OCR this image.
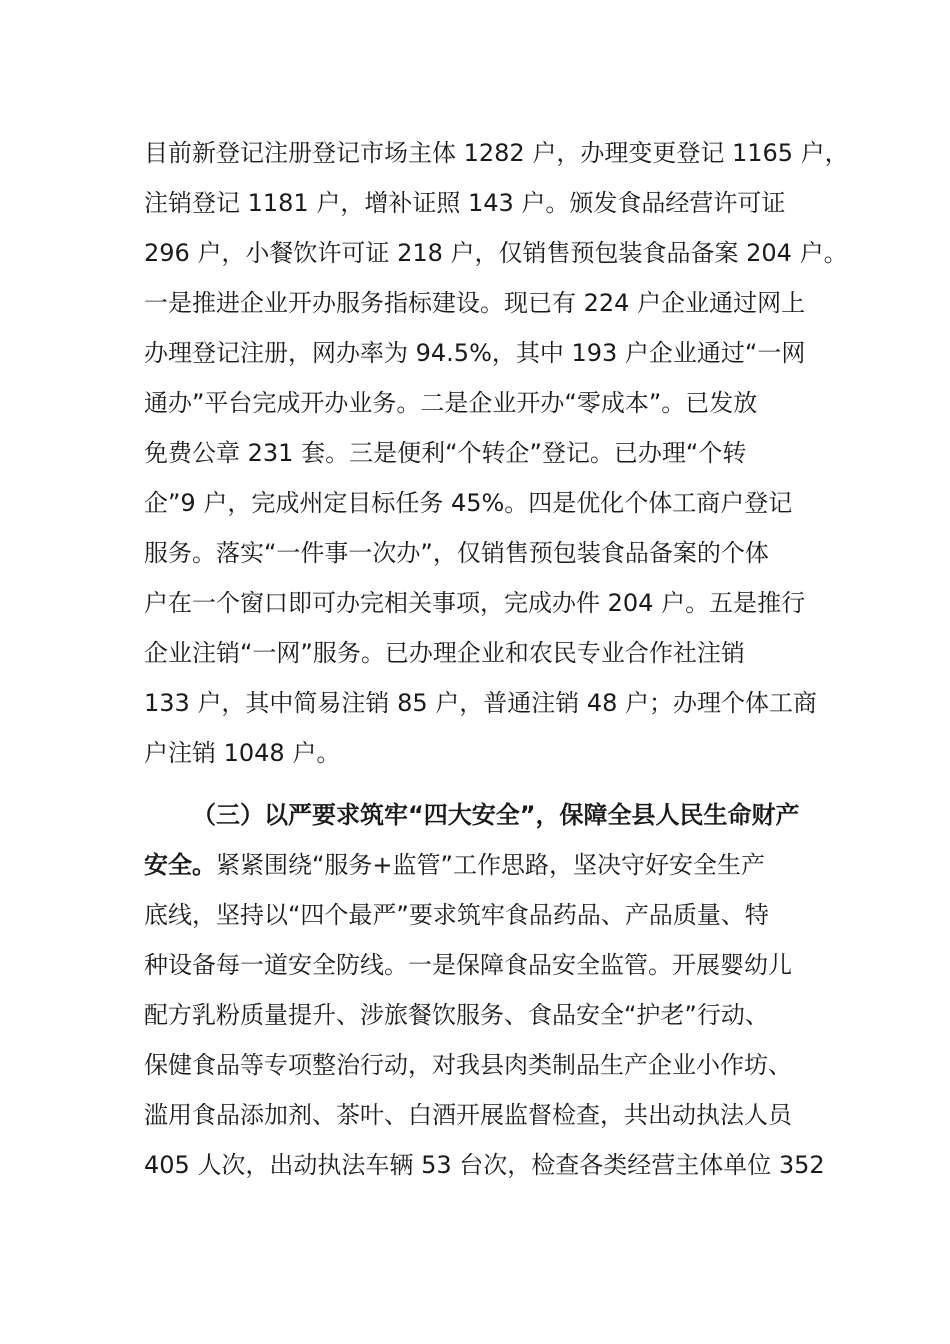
目前新登记注册登记市场主体 1282 户，办理变更登记 1165 户，
注销登记 1181 户，增补证照 143 户。颁发食品经营许可证
296 户，小餐饮许可证 218 户，仅销售预包装食品备案 204 户。
一是推进企业开办服务指标建设。现已有 224 户企业通过网上
办理登记注册，网办率为 94.5%，其中 193 户企业通过“一网
通办”平台完成开办业务。二是企业开办“零成本”。已发放
免费公章 231 套。三是便利“个转企”登记。已办理“个转
企”9 户，完成州定目标任务 45%。四是优化个体工商户登记
服务。落实“一件事一次办”，仅销售预包装食品备案的个体
户在一个窗口即可办完相关事项，完成办件 204 户。五是推行
企业注销“一网”服务。已办理企业和农民专业合作社注销
133 户，其中简易注销 85 户，普通注销 48 户；办理个体工商
户注销 1048 户。
（三）以严要求筑牢“四大安全”，保障全县人民生命财产
安全。紧紧围绕“服务+监管”工作思路，坚决守好安全生产
底线，坚持以“四个最严”要求筑牢食品药品、产品质量、特
种设备每一道安全防线。一是保障食品安全监管。开展婴幼儿
配方乳粉质量提升、涉旅餐饮服务、食品安全“护老”行动、
保健食品等专项整治行动，对我县肉类制品生产企业小作坊、
滥用食品添加剂、茶叶、白酒开展监督检查，共出动执法人员
405 人次，出动执法车辆 53 台次，检查各类经营主体单位 352
